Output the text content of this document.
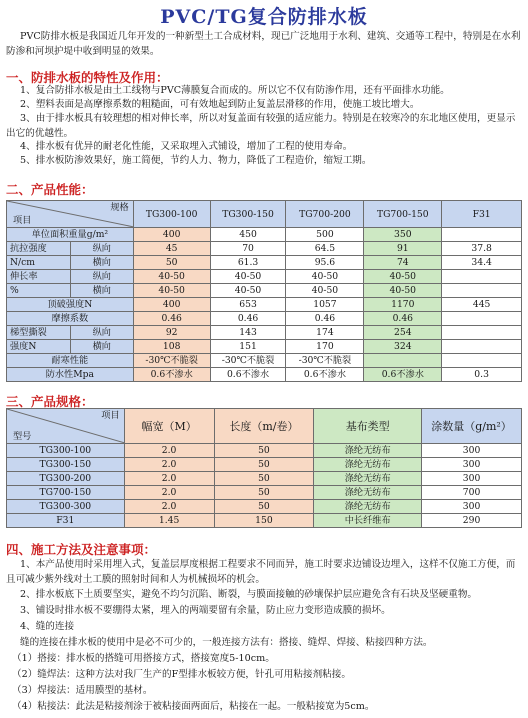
PVC/TG复合防排水板

PVC防排水板是我国近几年开发的一种新型土工合成材料，现已广泛地用于水利、建筑、交通等工程中，特别是在水利防渗和河坝护堤中收到明显的效果。

一、防排水板的特性及作用：

1、复合防排水板是由土工线物与PVC薄膜复合而成的。所以它不仅有防渗作用，还有平面排水功能。

2、塑料表面是高摩擦系数的粗糙面，可有效地起到防止复盖层滑移的作用，使施工坡比增大。

3、由于排水板具有较理想的相对伸长率，所以对复盖面有较强的适应能力。特别是在较寒冷的东北地区使用，更显示出它的优越性。

4、排水板有优异的耐老化性能，又采取埋入式铺设，增加了工程的使用寿命。

5、排水板防渗效果好，施工简便，节约人力、物力，降低了工程造价，缩短工期。

二、产品性能：
规格
项目		TG300-100	TG300-150	TG700-200	TG700-150	F31
单位面积重量g/m²		400	450	500	350	
抗拉强度	纵向	45	70	64.5	91	37.8
N/cm	横向	50	61.3	95.6	74	34.4
伸长率	纵向	40-50	40-50	40-50	40-50	
%	横向	40-50	40-50	40-50	40-50	
顶破强度N		400	653	1057	1170	445
摩擦系数		0.46	0.46	0.46	0.46	
梯型撕裂	纵向	92	143	174	254	
强度N	横向	108	151	170	324	
耐寒性能		-30℃不脆裂	-30℃不脆裂	-30℃不脆裂		
防水性Mpa		0.6不渗水	0.6不渗水	0.6不渗水	0.6不渗水	0.3
三、产品规格：
项目
型号	幅宽（M）	长度（m/卷）	基布类型	涂数量（g/m²）
TG300-100	2.0	50	涤纶无纺布	300
TG300-150	2.0	50	涤纶无纺布	300
TG300-200	2.0	50	涤纶无纺布	300
TG700-150	2.0	50	涤纶无纺布	700
TG300-300	2.0	50	涤纶无纺布	300
F31	1.45	150	中长纤维布	290
四、施工方法及注意事项：

1、本产品使用时采用埋入式，复盖层厚度根据工程要求不同而异，施工时要求边铺设边埋入，这样不仅施工方便，而且可减少紫外线对土工膜的照射时间和人为机械损坏的机会。

2、排水板底下土质要坚实，避免不均匀沉陷、断裂，与膜面接触的砂壤保护层应避免含有石块及坚硬重物。

3、铺设时排水板不要绷得太紧，埋入的两端要留有余量，防止应力变形造成膜的损坏。

4、缝的连接

缝的连接在排水板的使用中是必不可少的，一般连接方法有：搭接、缝焊、焊接、粘接四种方法。

（1）搭接：排水板的搭缝可用搭接方式，搭接宽度5-10cm。

（2）缝焊法：这种方法对我厂生产的F型排水板较方便，针孔可用粘接剂粘接。

（3）焊接法：适用膜型的基材。

（4）粘接法：此法是粘接剂涂于被粘接面两面后，粘接在一起。一般粘接宽为5cm。
